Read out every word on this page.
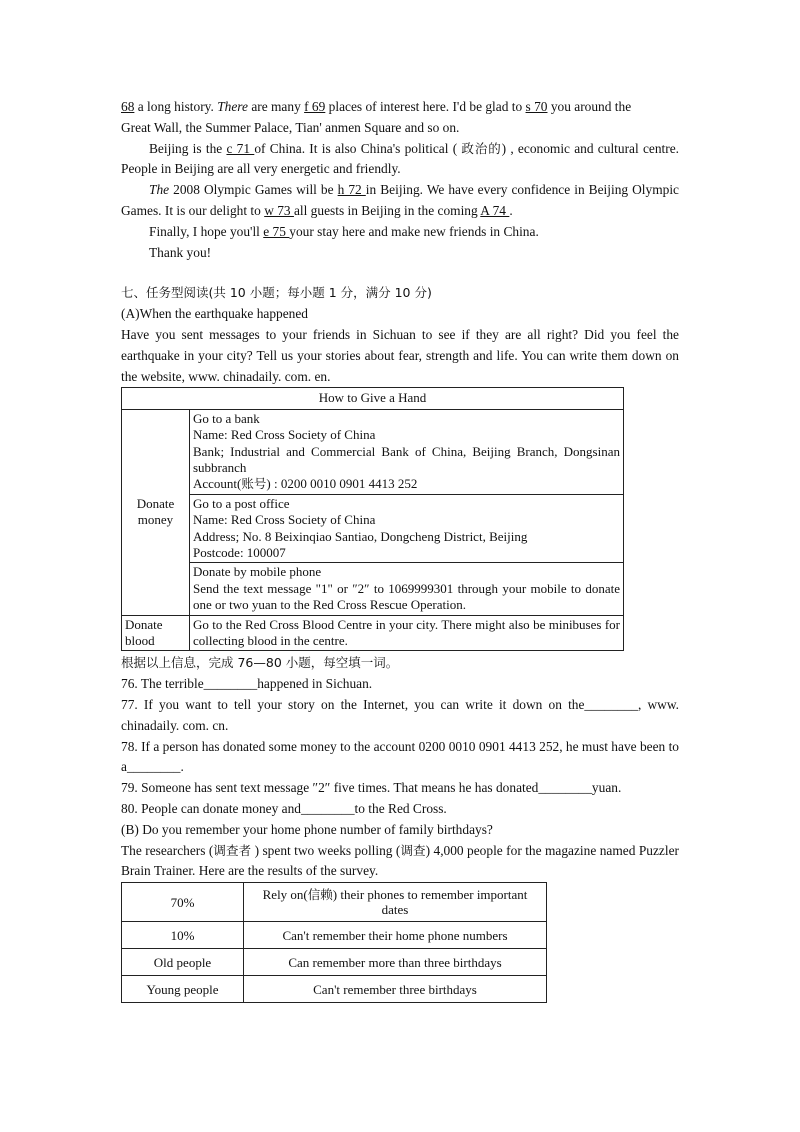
68 a long history. There are many f 69 places of interest here. I'd be glad to s 70 you around the

Great Wall, the Summer Palace, Tian' anmen Square and so on.

Beijing is the c 71 of China. It is also China's political ( 政治的) , economic and cultural centre. People in Beijing are all very energetic and friendly.

The 2008 Olympic Games will be h 72 in Beijing. We have every confidence in Beijing Olympic Games. It is our delight to w 73 all guests in Beijing in the coming A 74 .

Finally, I hope you'll e 75 your stay here and make new friends in China.

Thank you!

七、任务型阅读(共 10 小题；每小题 1 分，满分 10 分)

(A)When the earthquake happened

Have you sent messages to your friends in Sichuan to see if they are all right? Did you feel the earthquake in your city? Tell us your stories about fear, strength and life. You can write them down on the website, www. chinadaily. com. en.

How to Give a Hand	
Donate money	Go to a bank
Name: Red Cross Society of China
Bank; Industrial and Commercial Bank of China, Beijing Branch, Dongsinan subbranch
Account(账号) : 0200 0010 0901 4413 252

	Go to a post office
Name: Red Cross Society of China
Address; No. 8 Beixinqiao Santiao, Dongcheng District, Beijing
Postcode: 100007

	Donate by mobile phone
Send the text message "1" or ″2″ to 1069999301 through your mobile to donate one or two yuan to the Red Cross Rescue Operation.

Donate blood	Go to the Red Cross Blood Centre in your city. There might also be minibuses for collecting blood in the centre.

根据以上信息，完成 76—80 小题，每空填一词。

76. The terrible________happened in Sichuan.

77. If you want to tell your story on the Internet, you can write it down on the________, www. chinadaily. com. cn.

78. If a person has donated some money to the account 0200 0010 0901 4413 252, he must have been to a________.

79. Someone has sent text message ″2″ five times. That means he has donated________yuan.

80. People can donate money and________to the Red Cross.

(B) Do you remember your home phone number of family birthdays?

The researchers (调查者 ) spent two weeks polling (调查) 4,000 people for the magazine named Puzzler Brain Trainer. Here are the results of the survey.

70%	Rely on(信赖) their phones to remember important dates
10%	Can't remember their home phone numbers
Old people	Can remember more than three birthdays
Young people	Can't remember three birthdays
